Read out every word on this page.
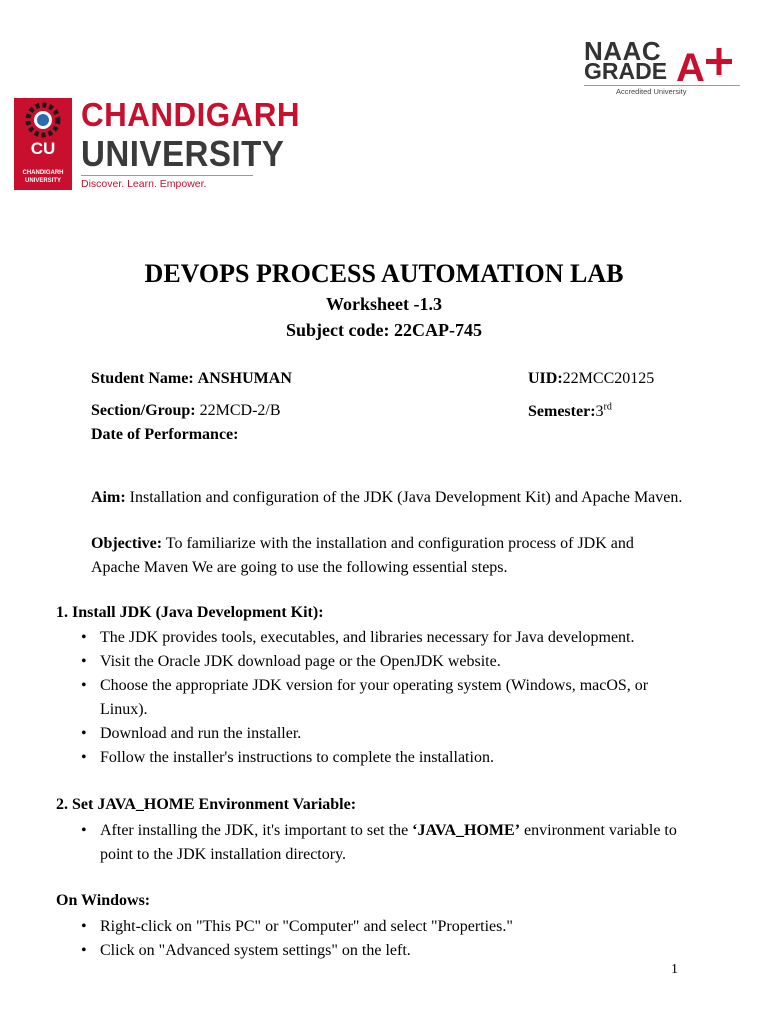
NAAC
GRADE A
Accredited University
CU
CHANDIGARH
UNIVERSITY
CHANDIGARH
UNIVERSITY
Discover. Learn. Empower.
DEVOPS PROCESS AUTOMATION LAB
Worksheet -1.3
Subject code: 22CAP-745
Student Name: ANSHUMAN	UID:22MCC20125
Section/Group: 22MCD-2/B	Semester:3rd
Date of Performance:
Aim: Installation and configuration of the JDK (Java Development Kit) and Apache Maven.
Objective: To familiarize with the installation and configuration process of JDK and
Apache Maven We are going to use the following essential steps.
1. Install JDK (Java Development Kit):
• The JDK provides tools, executables, and libraries necessary for Java development.
• Visit the Oracle JDK download page or the OpenJDK website.
• Choose the appropriate JDK version for your operating system (Windows, macOS, or
Linux).
• Download and run the installer.
• Follow the installer's instructions to complete the installation.
2. Set JAVA_HOME Environment Variable:
• After installing the JDK, it's important to set the ‘JAVA_HOME’ environment variable to
point to the JDK installation directory.
On Windows:
• Right-click on "This PC" or "Computer" and select "Properties."
• Click on "Advanced system settings" on the left.
1
